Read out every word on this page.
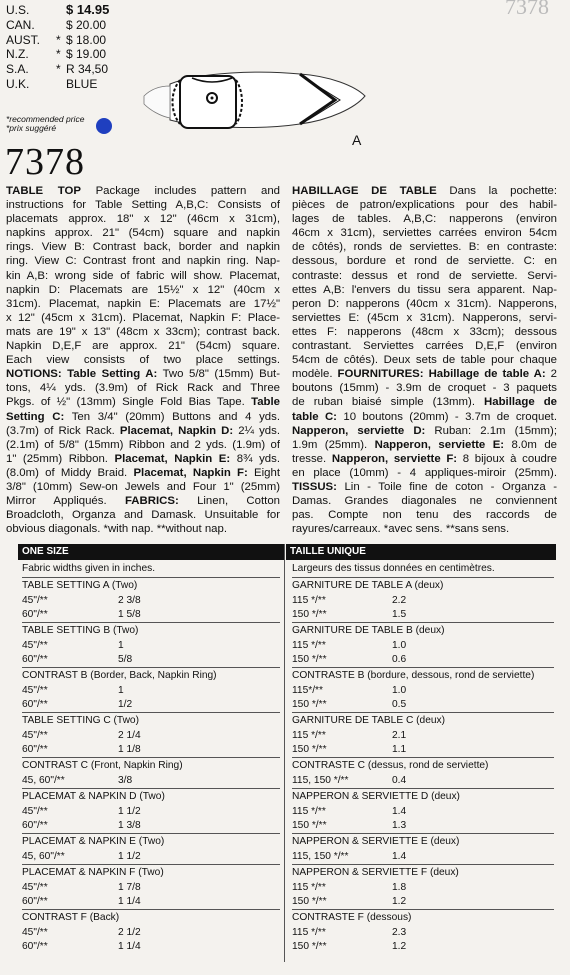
7378
U.S.	$ 14.95
CAN.	$ 20.00
AUST. * $ 18.00
N.Z. * $ 19.00
S.A. * R 34,50
U.K.	BLUE
*recommended price
*prix suggéré
7378
A
TABLE TOP Package includes pattern and
instructions for Table Setting A,B,C: Consists of
placemats approx. 18" x 12" (46cm x 31cm),
napkins approx. 21" (54cm) square and napkin
rings. View B: Contrast back, border and napkin
ring. View C: Contrast front and napkin ring. Nap-
kin A,B: wrong side of fabric will show. Placemat,
napkin D: Placemats are 15½" x 12" (40cm x
31cm). Placemat, napkin E: Placemats are 17½"
x 12" (45cm x 31cm). Placemat, Napkin F: Place-
mats are 19" x 13" (48cm x 33cm); contrast back.
Napkin D,E,F are approx. 21" (54cm) square.
Each view consists of two place settings.
NOTIONS: Table Setting A: Two 5/8" (15mm) But-
tons, 4¼ yds. (3.9m) of Rick Rack and Three
Pkgs. of ½" (13mm) Single Fold Bias Tape. Table
Setting C: Ten 3/4" (20mm) Buttons and 4 yds.
(3.7m) of Rick Rack. Placemat, Napkin D: 2¼ yds.
(2.1m) of 5/8" (15mm) Ribbon and 2 yds. (1.9m) of
1" (25mm) Ribbon. Placemat, Napkin E: 8¾ yds.
(8.0m) of Middy Braid. Placemat, Napkin F: Eight
3/8" (10mm) Sew-on Jewels and Four 1" (25mm)
Mirror Appliqués. FABRICS: Linen, Cotton
Broadcloth, Organza and Damask. Unsuitable for
obvious diagonals. *with nap. **without nap.
HABILLAGE DE TABLE Dans la pochette:
pièces de patron/explications pour des habil-
lages de tables. A,B,C: napperons (environ
46cm x 31cm), serviettes carrées environ 54cm
de côtés), ronds de serviettes. B: en contraste:
dessous, bordure et rond de serviette. C: en
contraste: dessus et rond de serviette. Servi-
ettes A,B: l'envers du tissu sera apparent. Nap-
peron D: napperons (40cm x 31cm). Napperons,
serviettes E: (45cm x 31cm). Napperons, servi-
ettes F: napperons (48cm x 33cm); dessous
contrastant. Serviettes carrées D,E,F (environ
54cm de côtés). Deux sets de table pour chaque
modèle. FOURNITURES: Habillage de table A: 2
boutons (15mm) - 3.9m de croquet - 3 paquets
de ruban biaisé simple (13mm). Habillage de
table C: 10 boutons (20mm) - 3.7m de croquet.
Napperon, serviette D: Ruban: 2.1m (15mm);
1.9m (25mm). Napperon, serviette E: 8.0m de
tresse. Napperon, serviette F: 8 bijoux à coudre
en place (10mm) - 4 appliques-miroir (25mm).
TISSUS: Lin - Toile fine de coton - Organza -
Damas. Grandes diagonales ne conviennent
pas. Compte non tenu des raccords de
rayures/carreaux. *avec sens. **sans sens.
ONE SIZE	TAILLE UNIQUE
Fabric widths given in inches.
TABLE SETTING A (Two)
45"/**	2 3/8
60"/**	1 5/8
TABLE SETTING B (Two)
45"/**	1
60"/**	5/8
CONTRAST B (Border, Back, Napkin Ring)
45"/**	1
60"/**	1/2
TABLE SETTING C (Two)
45"/**	2 1/4
60"/**	1 1/8
CONTRAST C (Front, Napkin Ring)
45, 60"/**	3/8
PLACEMAT & NAPKIN D (Two)
45"/**	1 1/2
60"/**	1 3/8
PLACEMAT & NAPKIN E (Two)
45, 60"/**	1 1/2
PLACEMAT & NAPKIN F (Two)
45"/**	1 7/8
60"/**	1 1/4
CONTRAST F (Back)
45"/**	2 1/2
60"/**	1 1/4
Largeurs des tissus données en centimètres.
GARNITURE DE TABLE A (deux)
115 */**	2.2
150 */**	1.5
GARNITURE DE TABLE B (deux)
115 */**	1.0
150 */**	0.6
CONTRASTE B (bordure, dessous, rond de serviette)
115*/**	1.0
150 */**	0.5
GARNITURE DE TABLE C (deux)
115 */**	2.1
150 */**	1.1
CONTRASTE C (dessus, rond de serviette)
115, 150 */**	0.4
NAPPERON & SERVIETTE D (deux)
115 */**	1.4
150 */**	1.3
NAPPERON & SERVIETTE E (deux)
115, 150 */**	1.4
NAPPERON & SERVIETTE F (deux)
115 */**	1.8
150 */**	1.2
CONTRASTE F (dessous)
115 */**	2.3
150 */**	1.2
